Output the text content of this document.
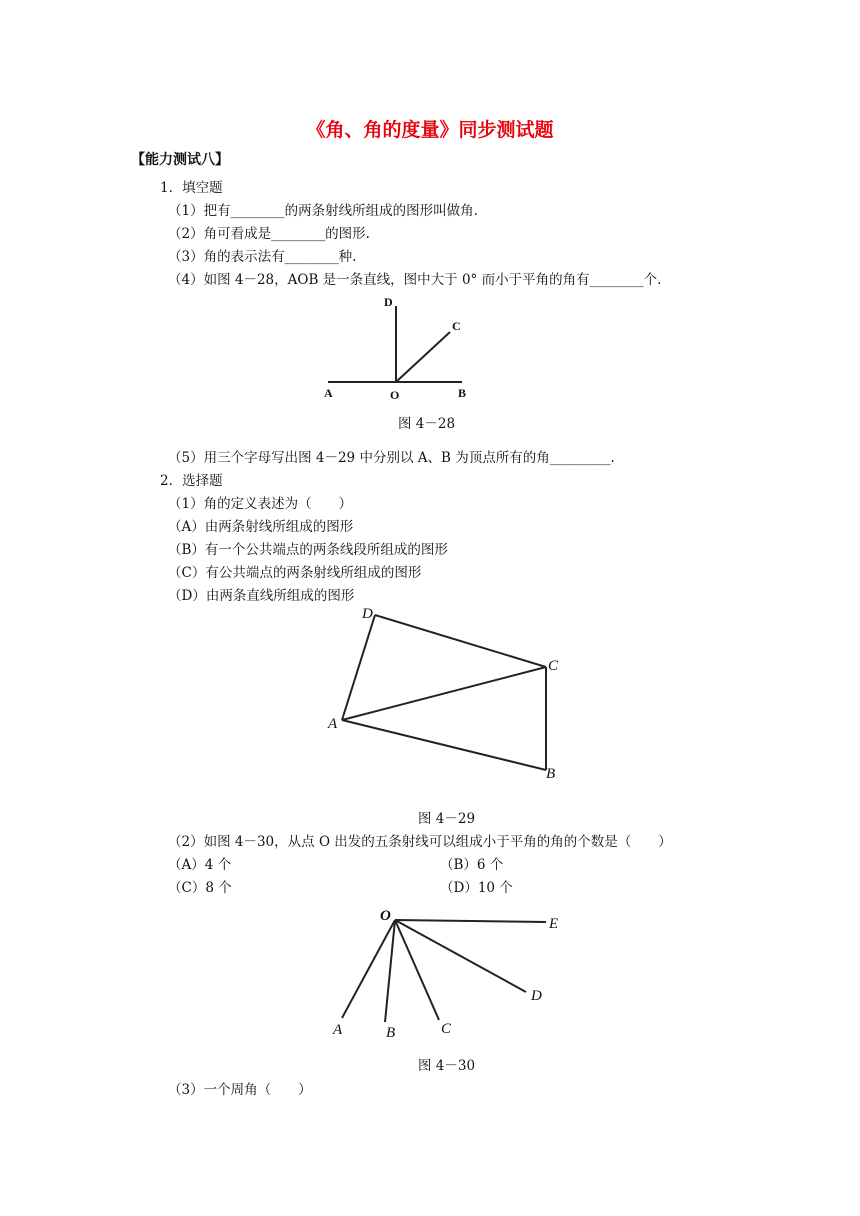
《角、角的度量》同步测试题
【能力测试八】
1．填空题
（1）把有________的两条射线所组成的图形叫做角.
（2）角可看成是________的图形.
（3）角的表示法有________种.
（4）如图 4－28，AOB 是一条直线，图中大于 0° 而小于平角的角有________个.
D
C
A	O	B
图 4－28
（5）用三个字母写出图 4－29 中分别以 A、B 为顶点所有的角_________.
2．选择题
（1）角的定义表述为（　　）
（A）由两条射线所组成的图形
（B）有一个公共端点的两条线段所组成的图形
（C）有公共端点的两条射线所组成的图形
（D）由两条直线所组成的图形
D
C
A
B
图 4－29
（2）如图 4－30，从点 O 出发的五条射线可以组成小于平角的角的个数是（　　）
（A）4 个	（B）6 个
（C）8 个	（D）10 个
O	E
D
C
B
A
图 4－30
（3）一个周角（　　）
